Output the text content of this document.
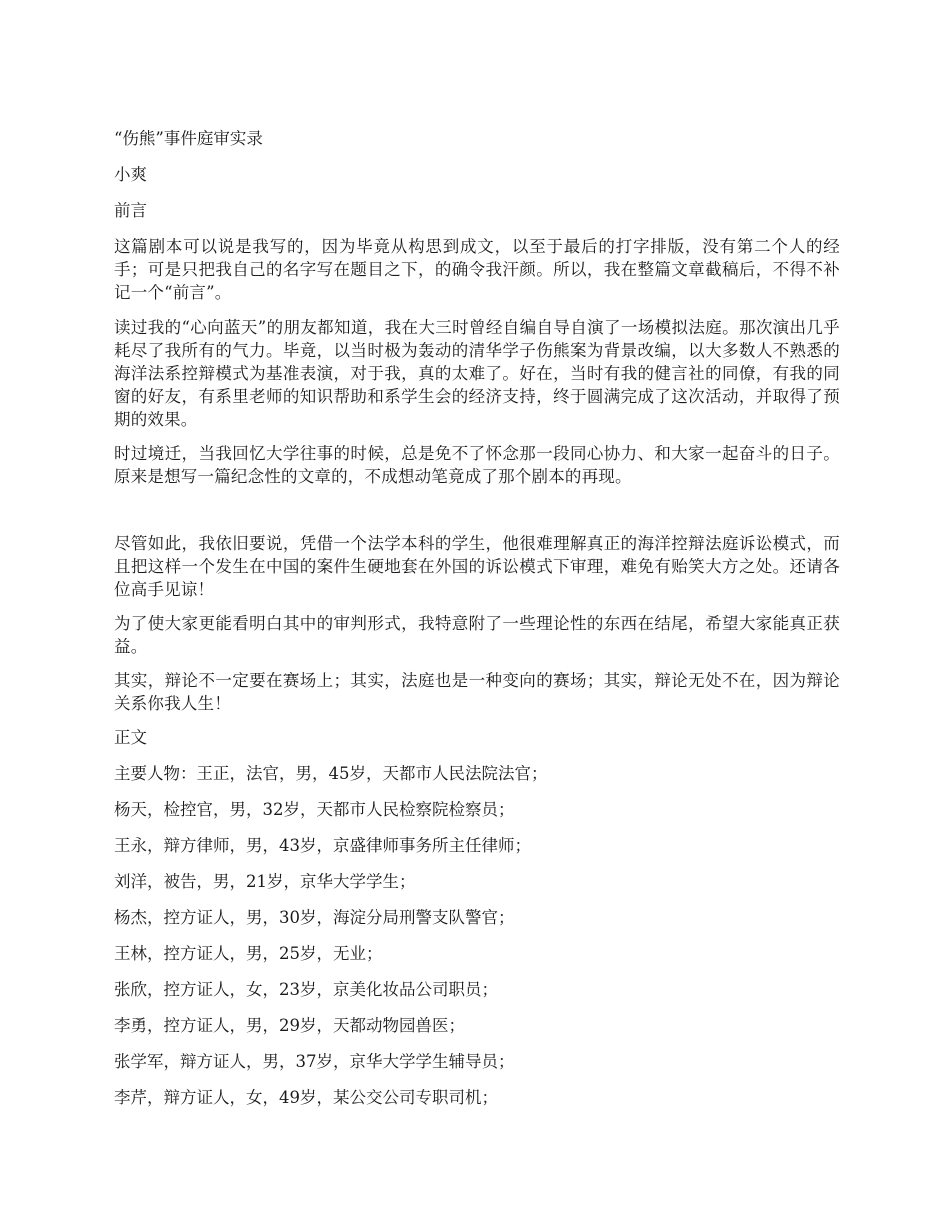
“伤熊”事件庭审实录
小爽
前言
这篇剧本可以说是我写的，因为毕竟从构思到成文，以至于最后的打字排版，没有第二个人的经手；可是只把我自己的名字写在题目之下，的确令我汗颜。所以，我在整篇文章截稿后，不得不补记一个“前言”。
读过我的“心向蓝天”的朋友都知道，我在大三时曾经自编自导自演了一场模拟法庭。那次演出几乎耗尽了我所有的气力。毕竟，以当时极为轰动的清华学子伤熊案为背景改编，以大多数人不熟悉的海洋法系控辩模式为基准表演，对于我，真的太难了。好在，当时有我的健言社的同僚，有我的同窗的好友，有系里老师的知识帮助和系学生会的经济支持，终于圆满完成了这次活动，并取得了预期的效果。
时过境迁，当我回忆大学往事的时候，总是免不了怀念那一段同心协力、和大家一起奋斗的日子。原来是想写一篇纪念性的文章的，不成想动笔竟成了那个剧本的再现。
尽管如此，我依旧要说，凭借一个法学本科的学生，他很难理解真正的海洋控辩法庭诉讼模式，而且把这样一个发生在中国的案件生硬地套在外国的诉讼模式下审理，难免有贻笑大方之处。还请各位高手见谅！
为了使大家更能看明白其中的审判形式，我特意附了一些理论性的东西在结尾，希望大家能真正获益。
其实，辩论不一定要在赛场上；其实，法庭也是一种变向的赛场；其实，辩论无处不在，因为辩论关系你我人生！
正文
主要人物：王正，法官，男，45岁，天都市人民法院法官；
杨天，检控官，男，32岁，天都市人民检察院检察员；
王永，辩方律师，男，43岁，京盛律师事务所主任律师；
刘洋，被告，男，21岁，京华大学学生；
杨杰，控方证人，男，30岁，海淀分局刑警支队警官；
王林，控方证人，男，25岁，无业；
张欣，控方证人，女，23岁，京美化妆品公司职员；
李勇，控方证人，男，29岁，天都动物园兽医；
张学军，辩方证人，男，37岁，京华大学学生辅导员；
李芹，辩方证人，女，49岁，某公交公司专职司机；
